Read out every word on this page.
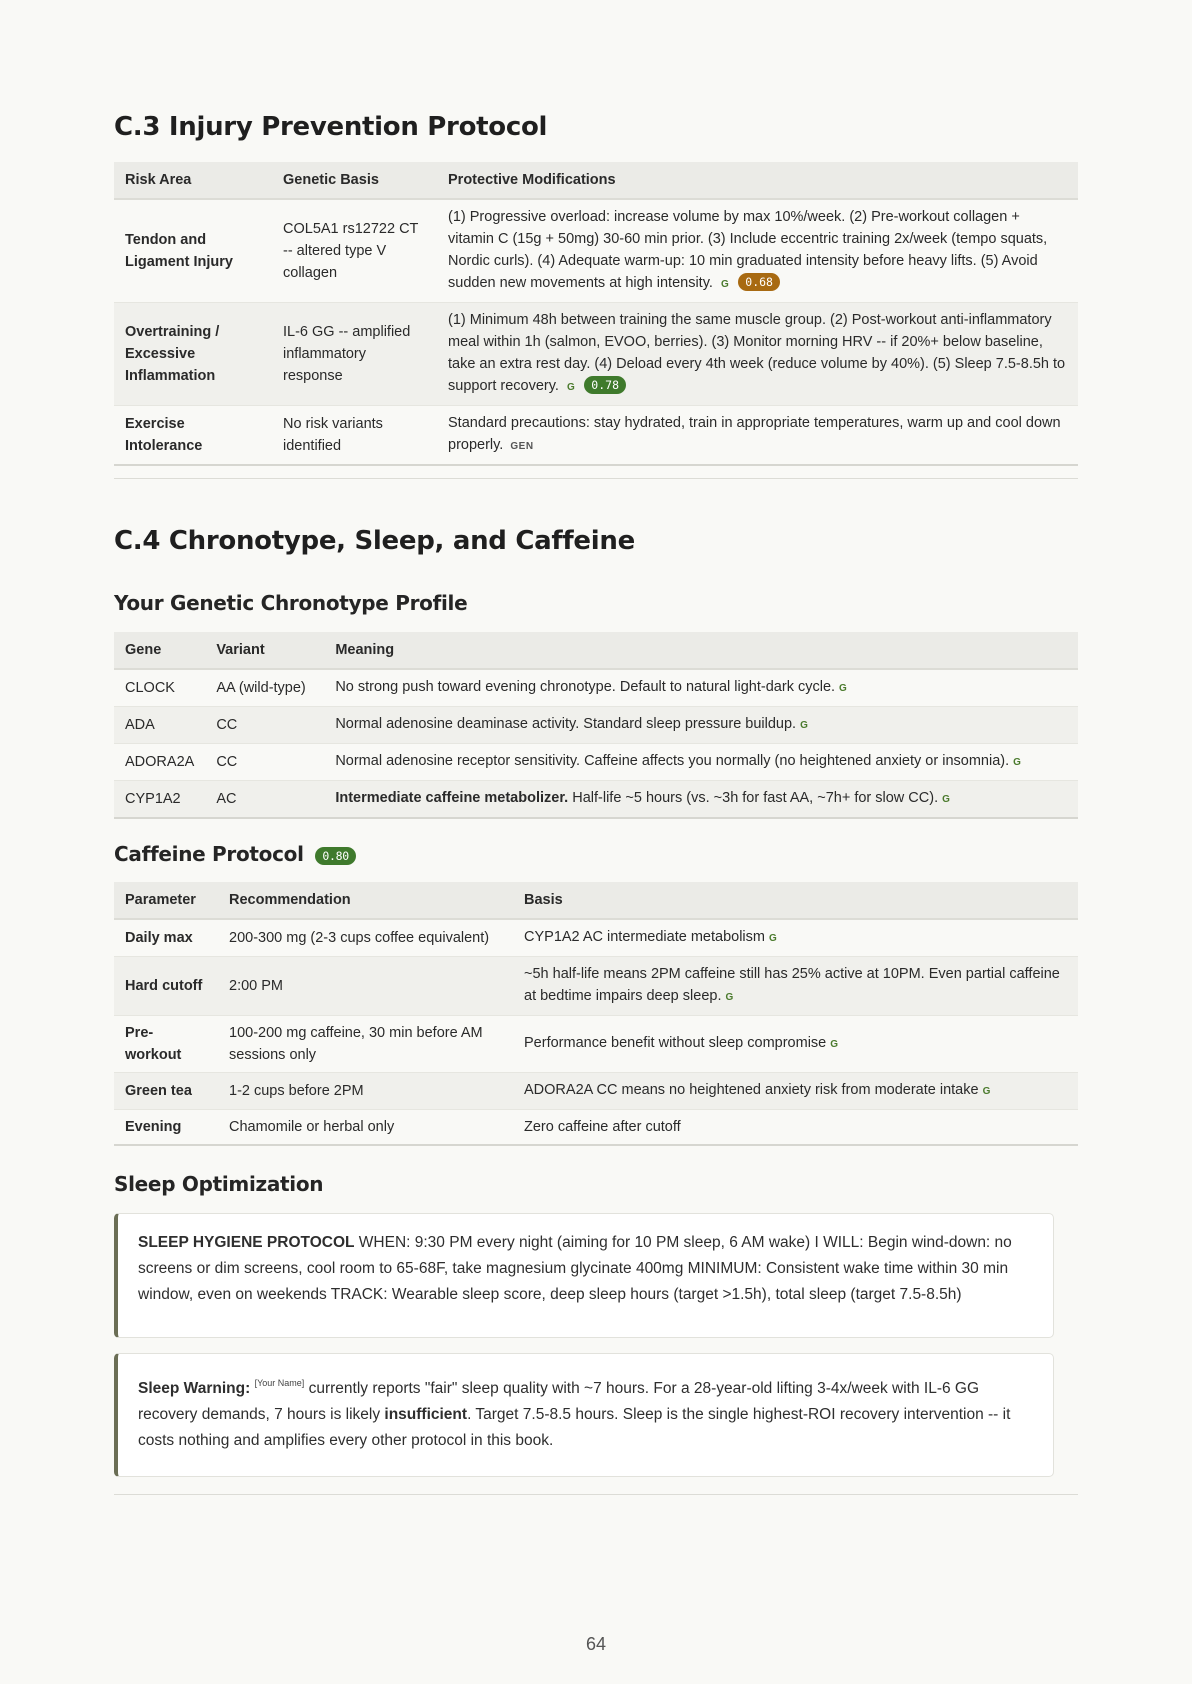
C.3 Injury Prevention Protocol
Risk Area	Genetic Basis	Protective Modifications
Tendon and Ligament Injury	COL5A1 rs12722 CT -- altered type V collagen	(1) Progressive overload: increase volume by max 10%/week. (2) Pre-workout collagen + vitamin C (15g + 50mg) 30-60 min prior. (3) Include eccentric training 2x/week (tempo squats, Nordic curls). (4) Adequate warm-up: 10 min graduated intensity before heavy lifts. (5) Avoid sudden new movements at high intensity. G 0.68
Overtraining / Excessive Inflammation	IL-6 GG -- amplified inflammatory response	(1) Minimum 48h between training the same muscle group. (2) Post-workout anti-inflammatory meal within 1h (salmon, EVOO, berries). (3) Monitor morning HRV -- if 20%+ below baseline, take an extra rest day. (4) Deload every 4th week (reduce volume by 40%). (5) Sleep 7.5-8.5h to support recovery. G 0.78
Exercise Intolerance	No risk variants identified	Standard precautions: stay hydrated, train in appropriate temperatures, warm up and cool down properly. GEN
C.4 Chronotype, Sleep, and Caffeine
Your Genetic Chronotype Profile
Gene	Variant	Meaning
CLOCK	AA (wild-type)	No strong push toward evening chronotype. Default to natural light-dark cycle. G
ADA	CC	Normal adenosine deaminase activity. Standard sleep pressure buildup. G
ADORA2A	CC	Normal adenosine receptor sensitivity. Caffeine affects you normally (no heightened anxiety or insomnia). G
CYP1A2	AC	Intermediate caffeine metabolizer. Half-life ~5 hours (vs. ~3h for fast AA, ~7h+ for slow CC). G
Caffeine Protocol 0.80
Parameter	Recommendation	Basis
Daily max	200-300 mg (2-3 cups coffee equivalent)	CYP1A2 AC intermediate metabolism G
Hard cutoff	2:00 PM	~5h half-life means 2PM caffeine still has 25% active at 10PM. Even partial caffeine at bedtime impairs deep sleep. G
Pre-workout	100-200 mg caffeine, 30 min before AM sessions only	Performance benefit without sleep compromise G
Green tea	1-2 cups before 2PM	ADORA2A CC means no heightened anxiety risk from moderate intake G
Evening	Chamomile or herbal only	Zero caffeine after cutoff
Sleep Optimization
SLEEP HYGIENE PROTOCOL WHEN: 9:30 PM every night (aiming for 10 PM sleep, 6 AM wake) I WILL: Begin wind-down: no screens or dim screens, cool room to 65-68F, take magnesium glycinate 400mg MINIMUM: Consistent wake time within 30 min window, even on weekends TRACK: Wearable sleep score, deep sleep hours (target >1.5h), total sleep (target 7.5-8.5h)
Sleep Warning: [Your Name] currently reports "fair" sleep quality with ~7 hours. For a 28-year-old lifting 3-4x/week with IL-6 GG recovery demands, 7 hours is likely insufficient. Target 7.5-8.5 hours. Sleep is the single highest-ROI recovery intervention -- it costs nothing and amplifies every other protocol in this book.
64
